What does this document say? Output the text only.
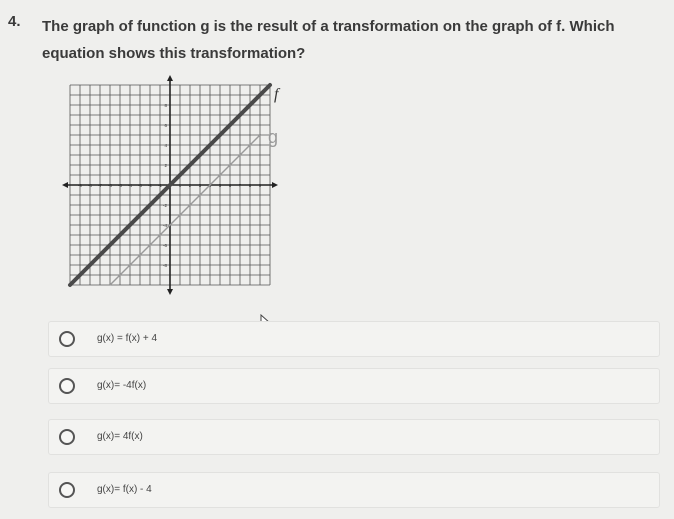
4. The graph of function g is the result of a transformation on the graph of f. Which equation shows this transformation?
-9 -8 -7 -6 -5 -4 -3 -2 -1	1 2 3	5 6 7 8 9
8
6
4
2
-2
-4
-6
-8
f
g
g(x) = f(x) + 4
g(x)= -4f(x)
g(x)= 4f(x)
g(x)= f(x) - 4
